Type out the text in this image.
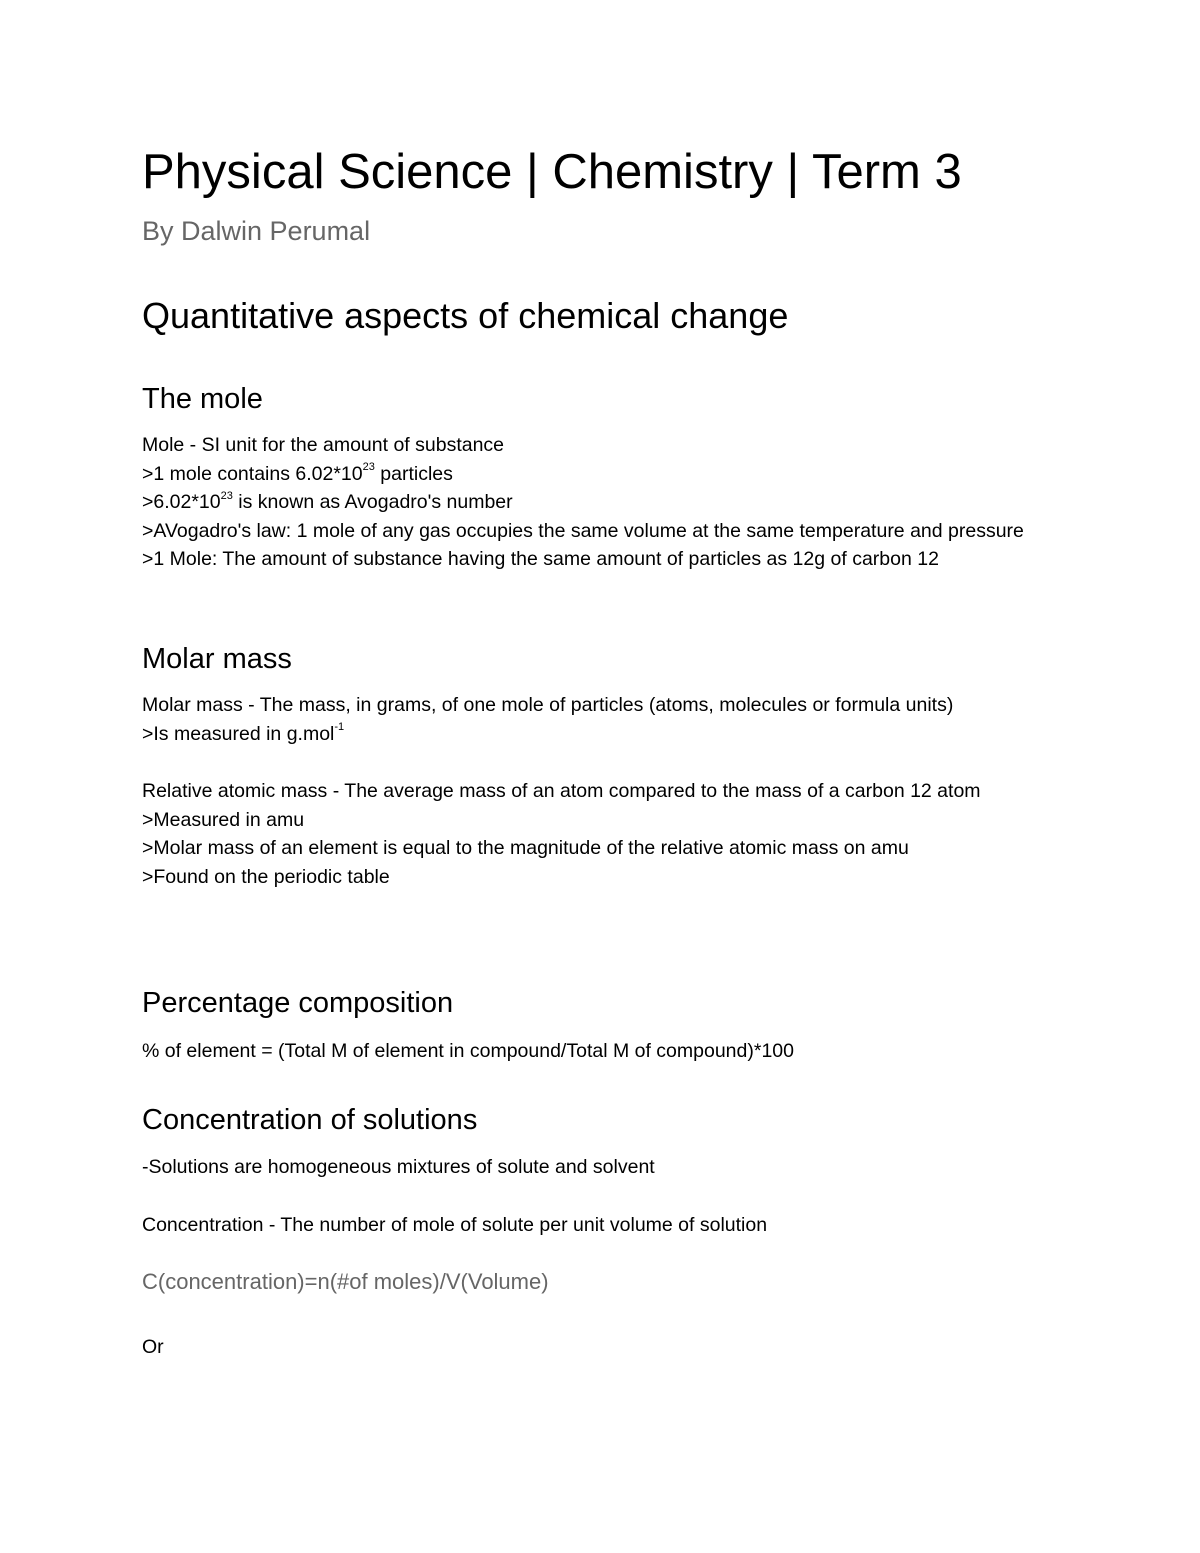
Physical Science | Chemistry | Term 3
By Dalwin Perumal
Quantitative aspects of chemical change
The mole
Mole - SI unit for the amount of substance
>1 mole contains $6.02*10^{23}$ particles
$>6.02*10^{23}$ is known as Avogadro's number
>AVogadro's law: 1 mole of any gas occupies the same volume at the same temperature and pressure
>1 Mole: The amount of substance having the same amount of particles as 12g of carbon 12
Molar mass
Molar mass - The mass, in grams, of one mole of particles (atoms, molecules or formula units)
>Is measured in g.mol$^{-1}$
Relative atomic mass - The average mass of an atom compared to the mass of a carbon 12 atom
>Measured in amu
>Molar mass of an element is equal to the magnitude of the relative atomic mass on amu
>Found on the periodic table
Percentage composition
% of element = (Total M of element in compound/Total M of compound)*100
Concentration of solutions
-Solutions are homogeneous mixtures of solute and solvent
Concentration - The number of mole of solute per unit volume of solution
C(concentration)=n(#of moles)/V(Volume)
Or
